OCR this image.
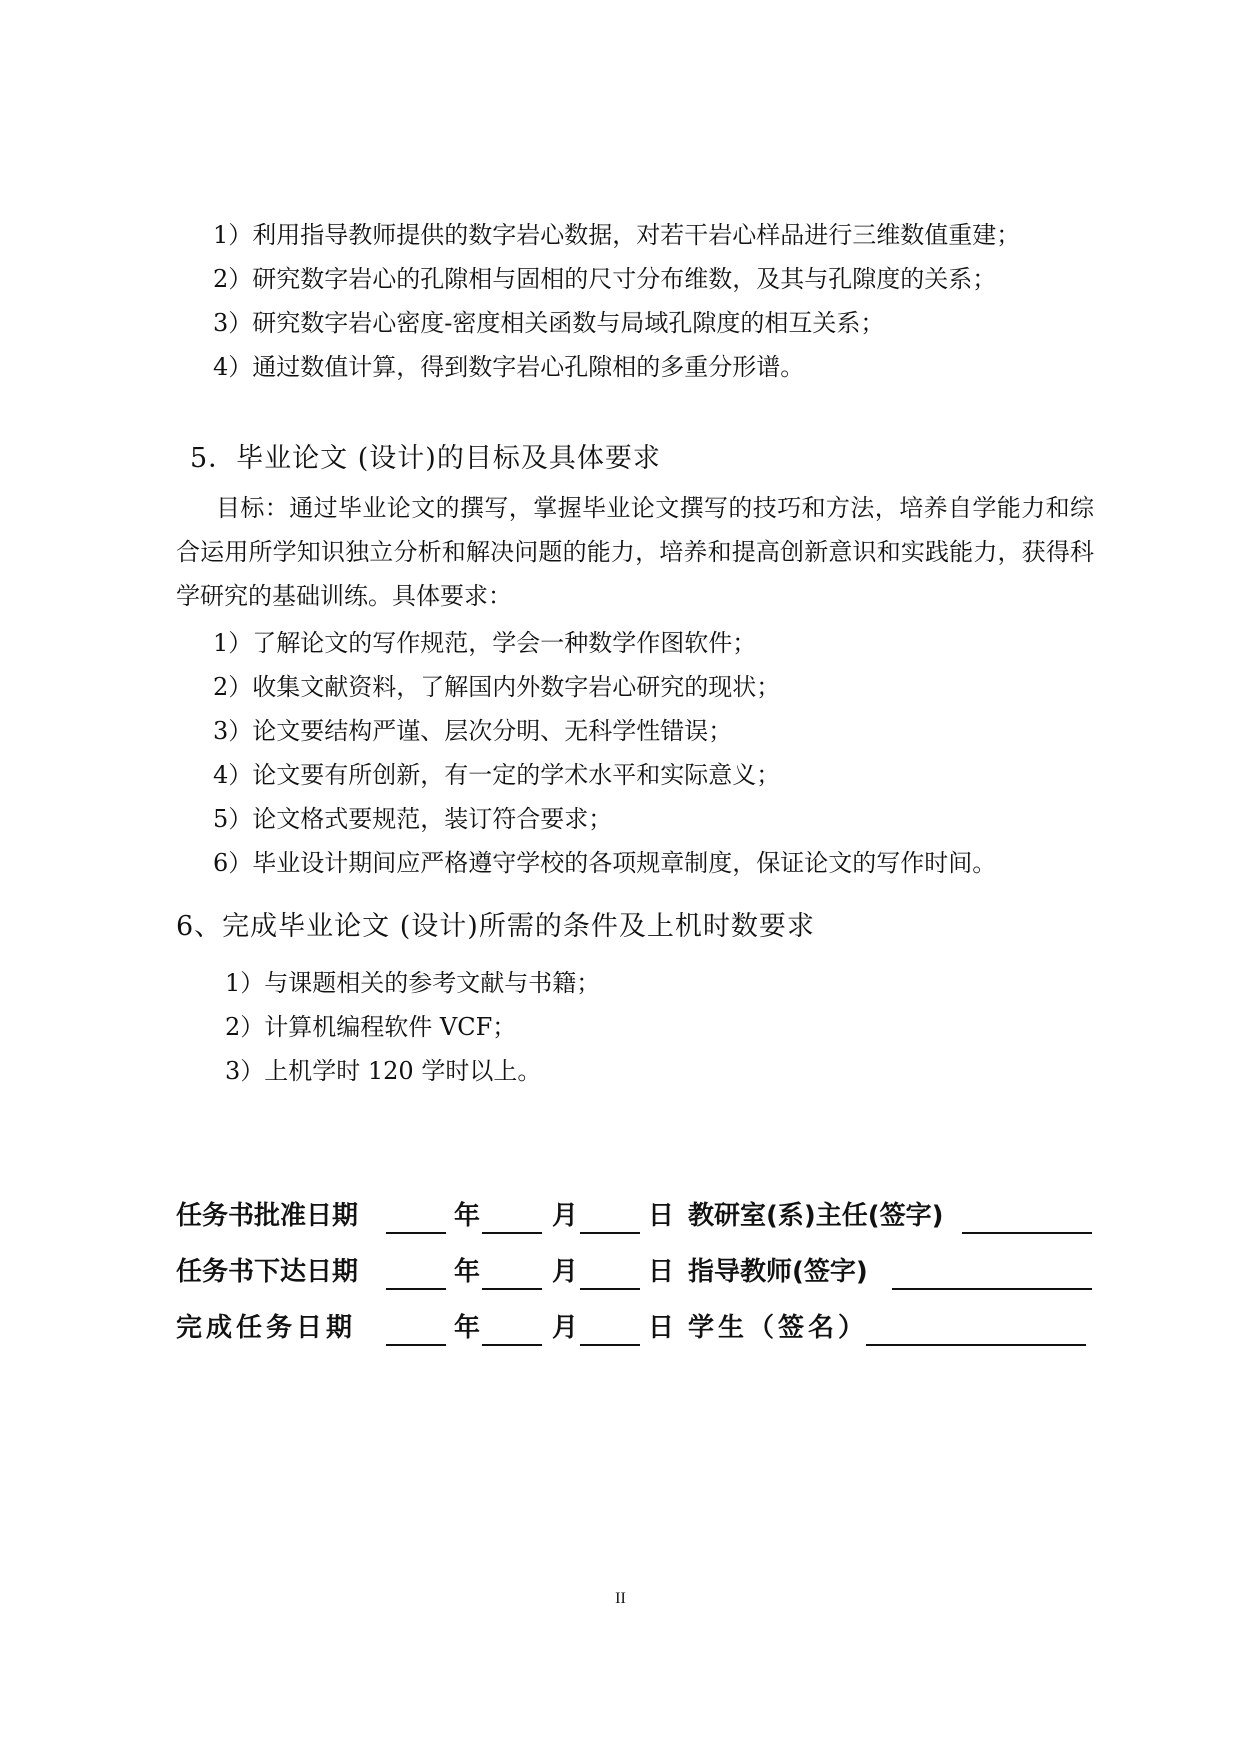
1）利用指导教师提供的数字岩心数据，对若干岩心样品进行三维数值重建；
2）研究数字岩心的孔隙相与固相的尺寸分布维数，及其与孔隙度的关系；
3）研究数字岩心密度-密度相关函数与局域孔隙度的相互关系；
4）通过数值计算，得到数字岩心孔隙相的多重分形谱。
5．毕业论文 (设计)的目标及具体要求
目标：通过毕业论文的撰写，掌握毕业论文撰写的技巧和方法，培养自学能力和综合运用所学知识独立分析和解决问题的能力，培养和提高创新意识和实践能力，获得科学研究的基础训练。具体要求：
1）了解论文的写作规范，学会一种数学作图软件；
2）收集文献资料，了解国内外数字岩心研究的现状；
3）论文要结构严谨、层次分明、无科学性错误；
4）论文要有所创新，有一定的学术水平和实际意义；
5）论文格式要规范，装订符合要求；
6）毕业设计期间应严格遵守学校的各项规章制度，保证论文的写作时间。
6、完成毕业论文 (设计)所需的条件及上机时数要求
1）与课题相关的参考文献与书籍；
2）计算机编程软件 VCF；
3）上机学时 120 学时以上。
任务书批准日期	年	月	日 教研室(系)主任(签字)
任务书下达日期	年	月	日 指导教师(签字)
完成任务日期	年	月	日 学生（签名）
II
